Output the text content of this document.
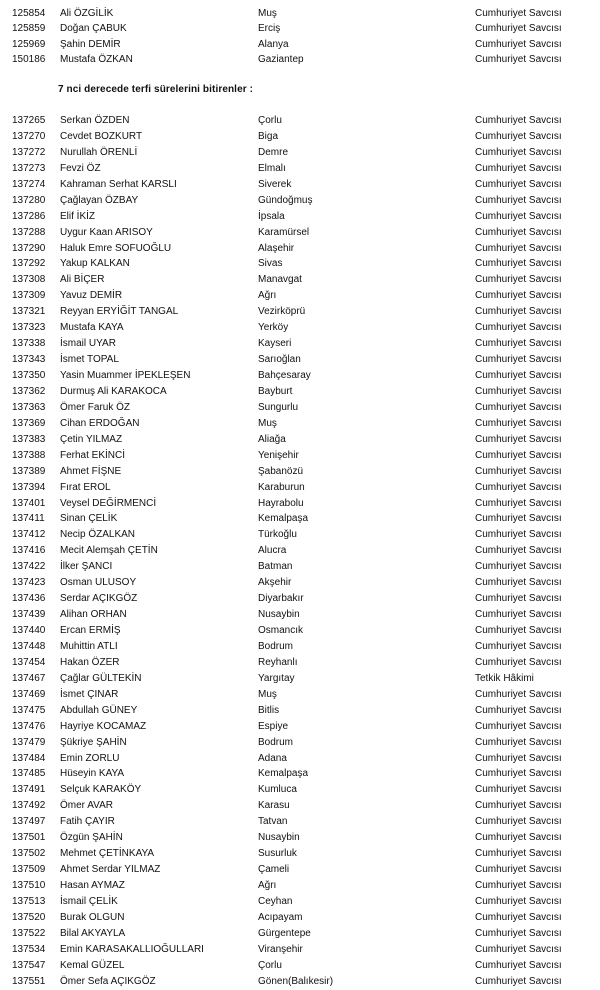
125854	Ali ÖZGİLİK	Muş	Cumhuriyet Savcısı
125859	Doğan ÇABUK	Erciş	Cumhuriyet Savcısı
125969	Şahin DEMİR	Alanya	Cumhuriyet Savcısı
150186	Mustafa ÖZKAN	Gaziantep	Cumhuriyet Savcısı
7 nci derecede terfi sürelerini bitirenler :
137265	Serkan ÖZDEN	Çorlu	Cumhuriyet Savcısı
137270	Cevdet BOZKURT	Biga	Cumhuriyet Savcısı
137272	Nurullah ÖRENLİ	Demre	Cumhuriyet Savcısı
137273	Fevzi ÖZ	Elmalı	Cumhuriyet Savcısı
137274	Kahraman Serhat KARSLI	Siverek	Cumhuriyet Savcısı
137280	Çağlayan ÖZBAY	Gündoğmuş	Cumhuriyet Savcısı
137286	Elif İKİZ	İpsala	Cumhuriyet Savcısı
137288	Uygur Kaan ARISOY	Karamürsel	Cumhuriyet Savcısı
137290	Haluk Emre SOFUOĞLU	Alaşehir	Cumhuriyet Savcısı
137292	Yakup KALKAN	Sivas	Cumhuriyet Savcısı
137308	Ali BİÇER	Manavgat	Cumhuriyet Savcısı
137309	Yavuz DEMİR	Ağrı	Cumhuriyet Savcısı
137321	Reyyan ERYİĞİT TANGAL	Vezirköprü	Cumhuriyet Savcısı
137323	Mustafa KAYA	Yerköy	Cumhuriyet Savcısı
137338	İsmail UYAR	Kayseri	Cumhuriyet Savcısı
137343	İsmet TOPAL	Sarıoğlan	Cumhuriyet Savcısı
137350	Yasin Muammer İPEKLEŞEN	Bahçesaray	Cumhuriyet Savcısı
137362	Durmuş Ali KARAKOCA	Bayburt	Cumhuriyet Savcısı
137363	Ömer Faruk ÖZ	Sungurlu	Cumhuriyet Savcısı
137369	Cihan ERDOĞAN	Muş	Cumhuriyet Savcısı
137383	Çetin YILMAZ	Aliağa	Cumhuriyet Savcısı
137388	Ferhat EKİNCİ	Yenişehir	Cumhuriyet Savcısı
137389	Ahmet FİŞNE	Şabanözü	Cumhuriyet Savcısı
137394	Fırat EROL	Karaburun	Cumhuriyet Savcısı
137401	Veysel DEĞİRMENCİ	Hayrabolu	Cumhuriyet Savcısı
137411	Sinan ÇELİK	Kemalpaşa	Cumhuriyet Savcısı
137412	Necip ÖZALKAN	Türkoğlu	Cumhuriyet Savcısı
137416	Mecit Alemşah ÇETİN	Alucra	Cumhuriyet Savcısı
137422	İlker ŞANCI	Batman	Cumhuriyet Savcısı
137423	Osman ULUSOY	Akşehir	Cumhuriyet Savcısı
137436	Serdar AÇIKGÖZ	Diyarbakır	Cumhuriyet Savcısı
137439	Alihan ORHAN	Nusaybin	Cumhuriyet Savcısı
137440	Ercan ERMİŞ	Osmancık	Cumhuriyet Savcısı
137448	Muhittin ATLI	Bodrum	Cumhuriyet Savcısı
137454	Hakan ÖZER	Reyhanlı	Cumhuriyet Savcısı
137467	Çağlar GÜLTEKİN	Yargıtay	Tetkik Hâkimi
137469	İsmet ÇINAR	Muş	Cumhuriyet Savcısı
137475	Abdullah GÜNEY	Bitlis	Cumhuriyet Savcısı
137476	Hayriye KOCAMAZ	Espiye	Cumhuriyet Savcısı
137479	Şükriye ŞAHİN	Bodrum	Cumhuriyet Savcısı
137484	Emin ZORLU	Adana	Cumhuriyet Savcısı
137485	Hüseyin KAYA	Kemalpaşa	Cumhuriyet Savcısı
137491	Selçuk KARAKÖY	Kumluca	Cumhuriyet Savcısı
137492	Ömer AVAR	Karasu	Cumhuriyet Savcısı
137497	Fatih ÇAYIR	Tatvan	Cumhuriyet Savcısı
137501	Özgün ŞAHİN	Nusaybin	Cumhuriyet Savcısı
137502	Mehmet ÇETİNKAYA	Susurluk	Cumhuriyet Savcısı
137509	Ahmet Serdar YILMAZ	Çameli	Cumhuriyet Savcısı
137510	Hasan AYMAZ	Ağrı	Cumhuriyet Savcısı
137513	İsmail ÇELİK	Ceyhan	Cumhuriyet Savcısı
137520	Burak OLGUN	Acıpayam	Cumhuriyet Savcısı
137522	Bilal AKYAYLA	Gürgentepe	Cumhuriyet Savcısı
137534	Emin KARASAKALLIOĞULLARI	Viranşehir	Cumhuriyet Savcısı
137547	Kemal GÜZEL	Çorlu	Cumhuriyet Savcısı
137551	Ömer Sefa AÇIKGÖZ	Gönen(Balıkesir)	Cumhuriyet Savcısı
